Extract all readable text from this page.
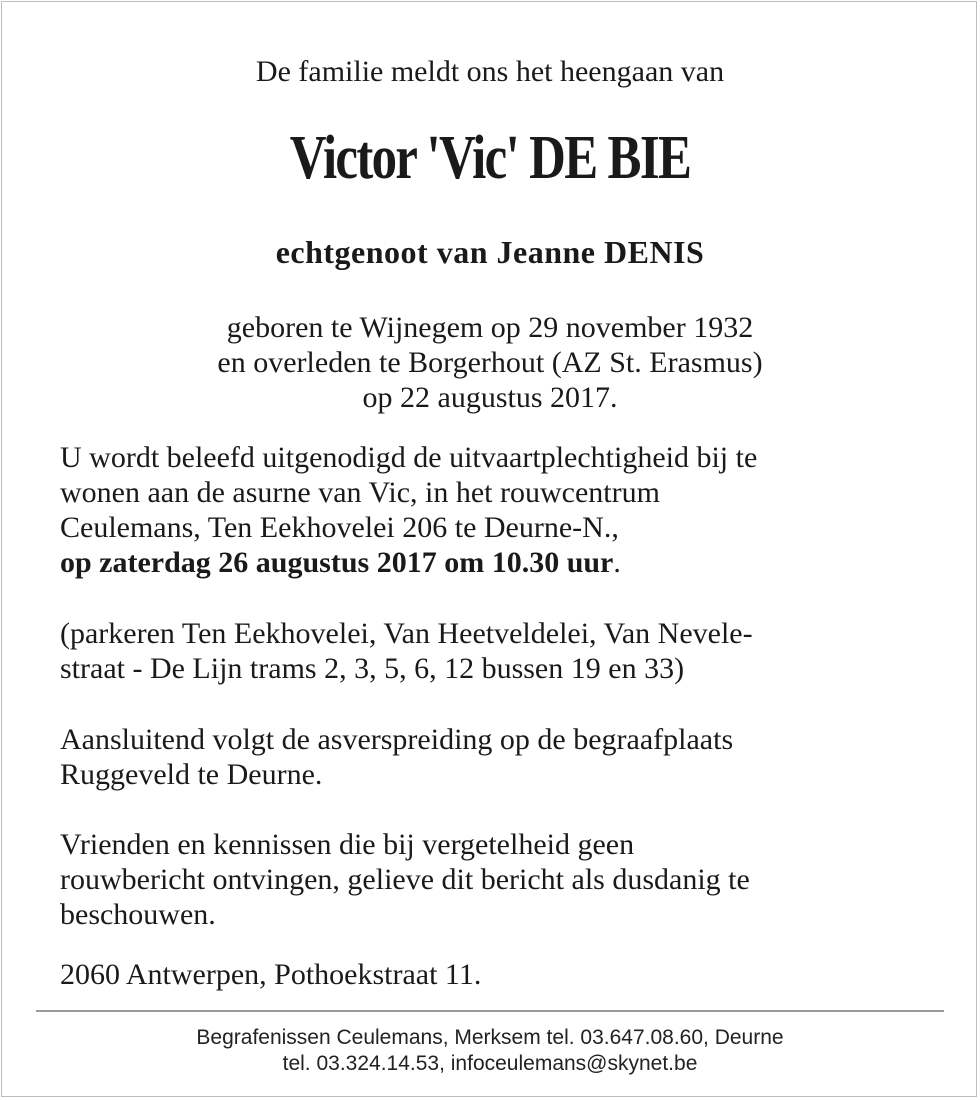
De familie meldt ons het heengaan van
Victor 'Vic' DE BIE
echtgenoot van Jeanne DENIS
geboren te Wijnegem op 29 november 1932
en overleden te Borgerhout (AZ St. Erasmus)
op 22 augustus 2017.
U wordt beleefd uitgenodigd de uitvaartplechtigheid bij te
wonen aan de asurne van Vic, in het rouwcentrum
Ceulemans, Ten Eekhovelei 206 te Deurne-N.,
op zaterdag 26 augustus 2017 om 10.30 uur.
(parkeren Ten Eekhovelei, Van Heetveldelei, Van Nevele-
straat - De Lijn trams 2, 3, 5, 6, 12 bussen 19 en 33)
Aansluitend volgt de asverspreiding op de begraafplaats
Ruggeveld te Deurne.
Vrienden en kennissen die bij vergetelheid geen
rouwbericht ontvingen, gelieve dit bericht als dusdanig te
beschouwen.
2060 Antwerpen, Pothoekstraat 11.
Begrafenissen Ceulemans, Merksem tel. 03.647.08.60, Deurne
tel. 03.324.14.53, infoceulemans@skynet.be
